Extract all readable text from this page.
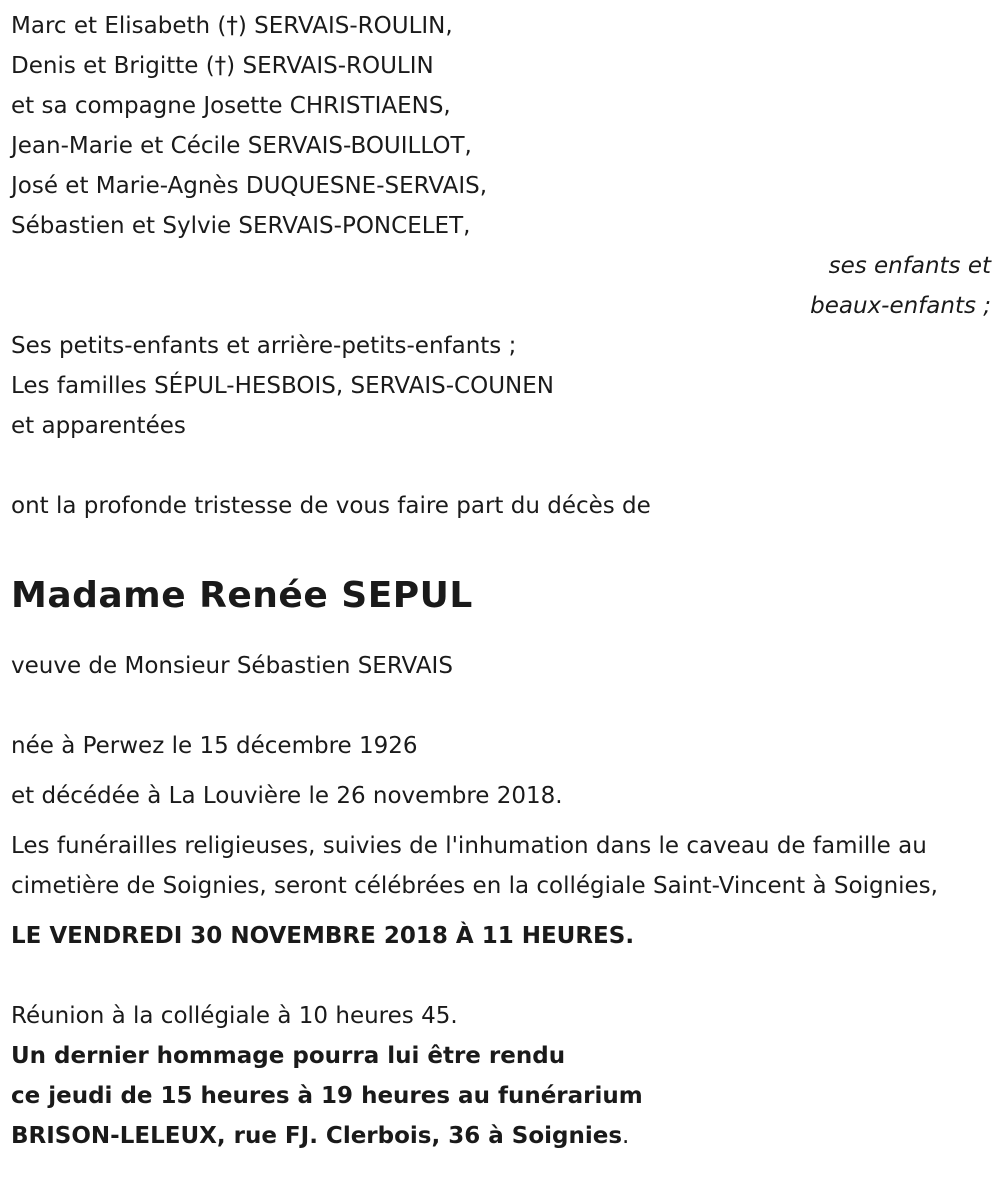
Marc et Elisabeth (†) SERVAIS-ROULIN,
Denis et Brigitte (†) SERVAIS-ROULIN
et sa compagne Josette CHRISTIAENS,
Jean-Marie et Cécile SERVAIS-BOUILLOT,
José et Marie-Agnès DUQUESNE-SERVAIS,
Sébastien et Sylvie SERVAIS-PONCELET,
ses enfants et
beaux-enfants ;
Ses petits-enfants et arrière-petits-enfants ;
Les familles SÉPUL-HESBOIS, SERVAIS-COUNEN
et apparentées
ont la profonde tristesse de vous faire part du décès de
Madame Renée SEPUL
veuve de Monsieur Sébastien SERVAIS
née à Perwez le 15 décembre 1926
et décédée à La Louvière le 26 novembre 2018.
Les funérailles religieuses, suivies de l'inhumation dans le caveau de famille au cimetière de Soignies, seront célébrées en la collégiale Saint-Vincent à Soignies,
LE VENDREDI 30 NOVEMBRE 2018 À 11 HEURES.
Réunion à la collégiale à 10 heures 45.
Un dernier hommage pourra lui être rendu
ce jeudi de 15 heures à 19 heures au funérarium
BRISON-LELEUX, rue FJ. Clerbois, 36 à Soignies.
